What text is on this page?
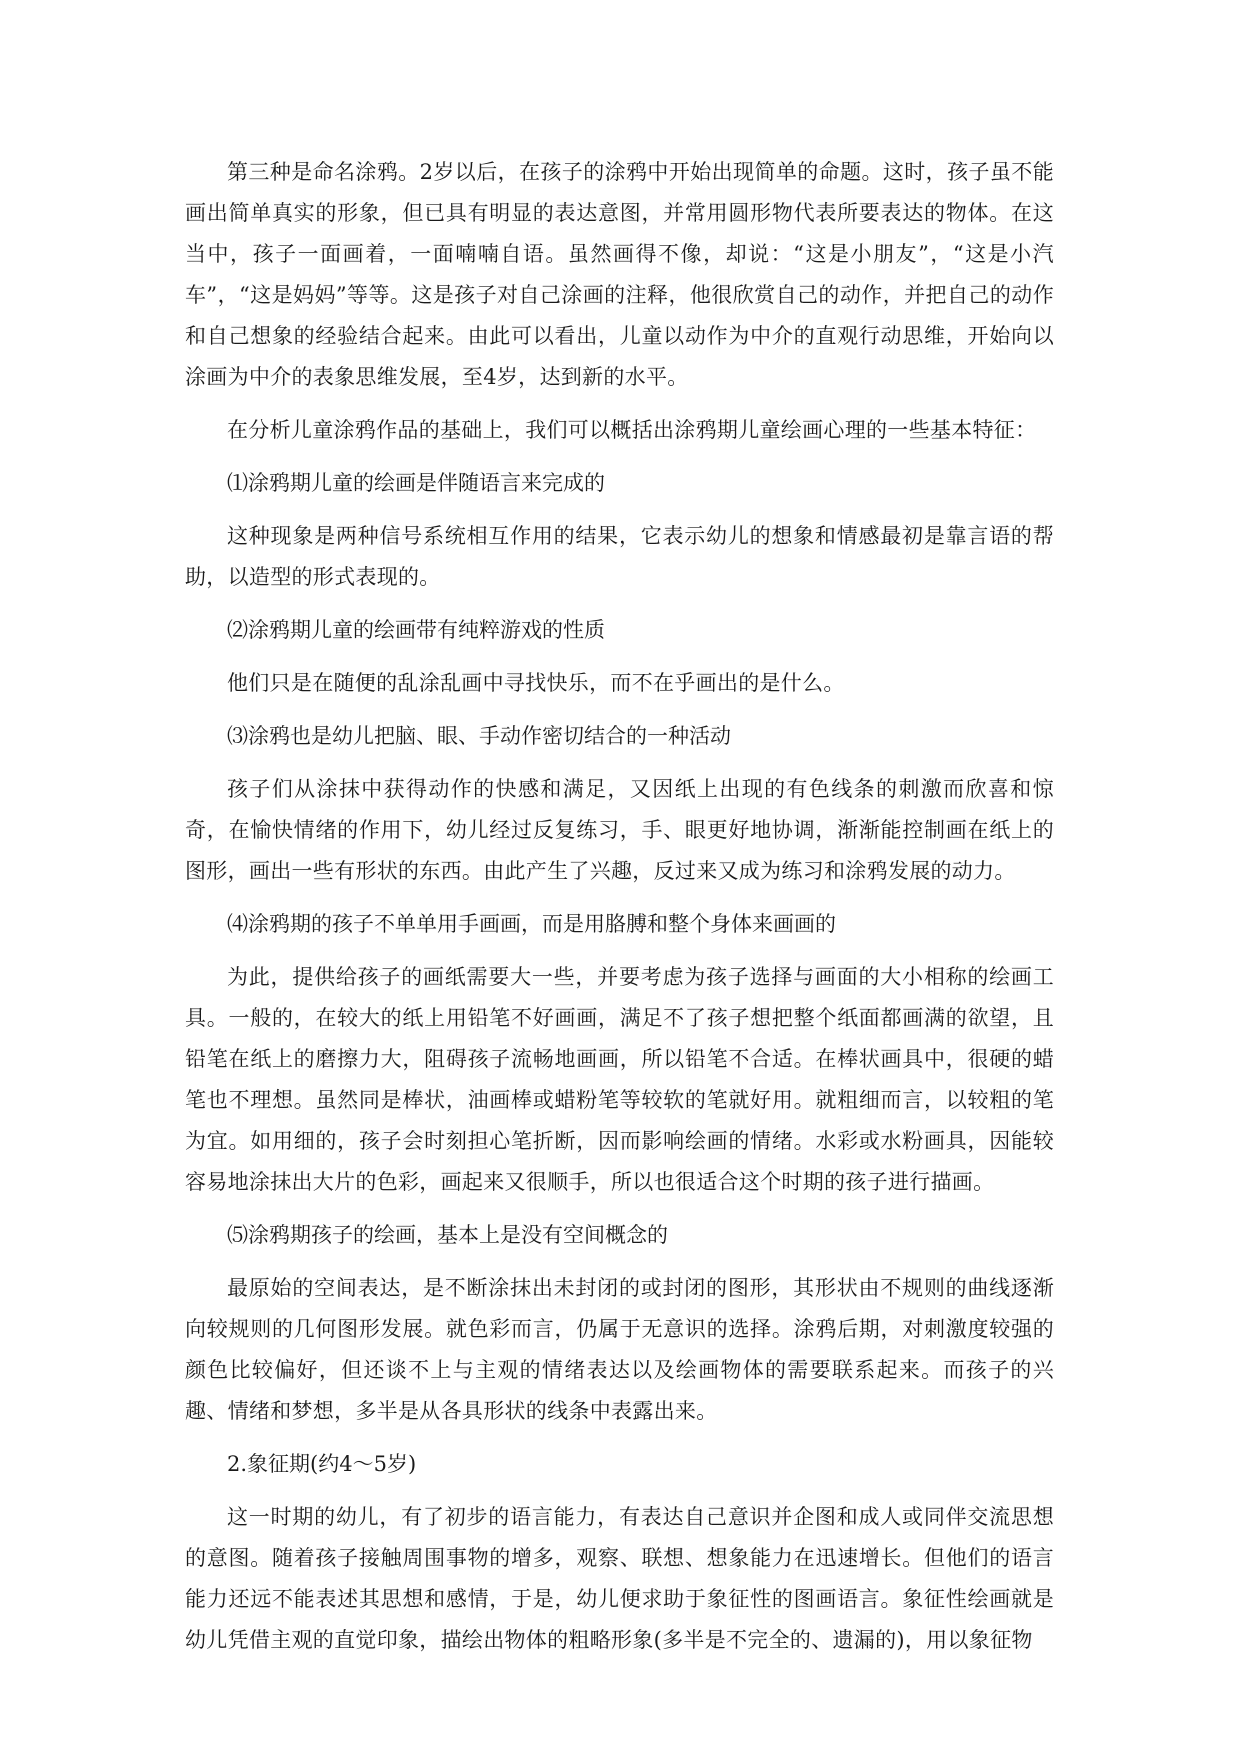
第三种是命名涂鸦。2岁以后，在孩子的涂鸦中开始出现简单的命题。这时，孩子虽不能画出简单真实的形象，但已具有明显的表达意图，并常用圆形物代表所要表达的物体。在这当中，孩子一面画着，一面喃喃自语。虽然画得不像，却说：“这是小朋友”，“这是小汽车”，“这是妈妈”等等。这是孩子对自己涂画的注释，他很欣赏自己的动作，并把自己的动作和自己想象的经验结合起来。由此可以看出，儿童以动作为中介的直观行动思维，开始向以涂画为中介的表象思维发展，至4岁，达到新的水平。

在分析儿童涂鸦作品的基础上，我们可以概括出涂鸦期儿童绘画心理的一些基本特征：

⑴涂鸦期儿童的绘画是伴随语言来完成的

这种现象是两种信号系统相互作用的结果，它表示幼儿的想象和情感最初是靠言语的帮助，以造型的形式表现的。

⑵涂鸦期儿童的绘画带有纯粹游戏的性质

他们只是在随便的乱涂乱画中寻找快乐，而不在乎画出的是什么。

⑶涂鸦也是幼儿把脑、眼、手动作密切结合的一种活动

孩子们从涂抹中获得动作的快感和满足，又因纸上出现的有色线条的刺激而欣喜和惊奇，在愉快情绪的作用下，幼儿经过反复练习，手、眼更好地协调，渐渐能控制画在纸上的图形，画出一些有形状的东西。由此产生了兴趣，反过来又成为练习和涂鸦发展的动力。

⑷涂鸦期的孩子不单单用手画画，而是用胳膊和整个身体来画画的

为此，提供给孩子的画纸需要大一些，并要考虑为孩子选择与画面的大小相称的绘画工具。一般的，在较大的纸上用铅笔不好画画，满足不了孩子想把整个纸面都画满的欲望，且铅笔在纸上的磨擦力大，阻碍孩子流畅地画画，所以铅笔不合适。在棒状画具中，很硬的蜡笔也不理想。虽然同是棒状，油画棒或蜡粉笔等较软的笔就好用。就粗细而言，以较粗的笔为宜。如用细的，孩子会时刻担心笔折断，因而影响绘画的情绪。水彩或水粉画具，因能较容易地涂抹出大片的色彩，画起来又很顺手，所以也很适合这个时期的孩子进行描画。

⑸涂鸦期孩子的绘画，基本上是没有空间概念的

最原始的空间表达，是不断涂抹出未封闭的或封闭的图形，其形状由不规则的曲线逐渐向较规则的几何图形发展。就色彩而言，仍属于无意识的选择。涂鸦后期，对刺激度较强的颜色比较偏好，但还谈不上与主观的情绪表达以及绘画物体的需要联系起来。而孩子的兴趣、情绪和梦想，多半是从各具形状的线条中表露出来。

2.象征期(约4～5岁)

这一时期的幼儿，有了初步的语言能力，有表达自己意识并企图和成人或同伴交流思想的意图。随着孩子接触周围事物的增多，观察、联想、想象能力在迅速增长。但他们的语言能力还远不能表述其思想和感情，于是，幼儿便求助于象征性的图画语言。象征性绘画就是幼儿凭借主观的直觉印象，描绘出物体的粗略形象(多半是不完全的、遗漏的)，用以象征物
